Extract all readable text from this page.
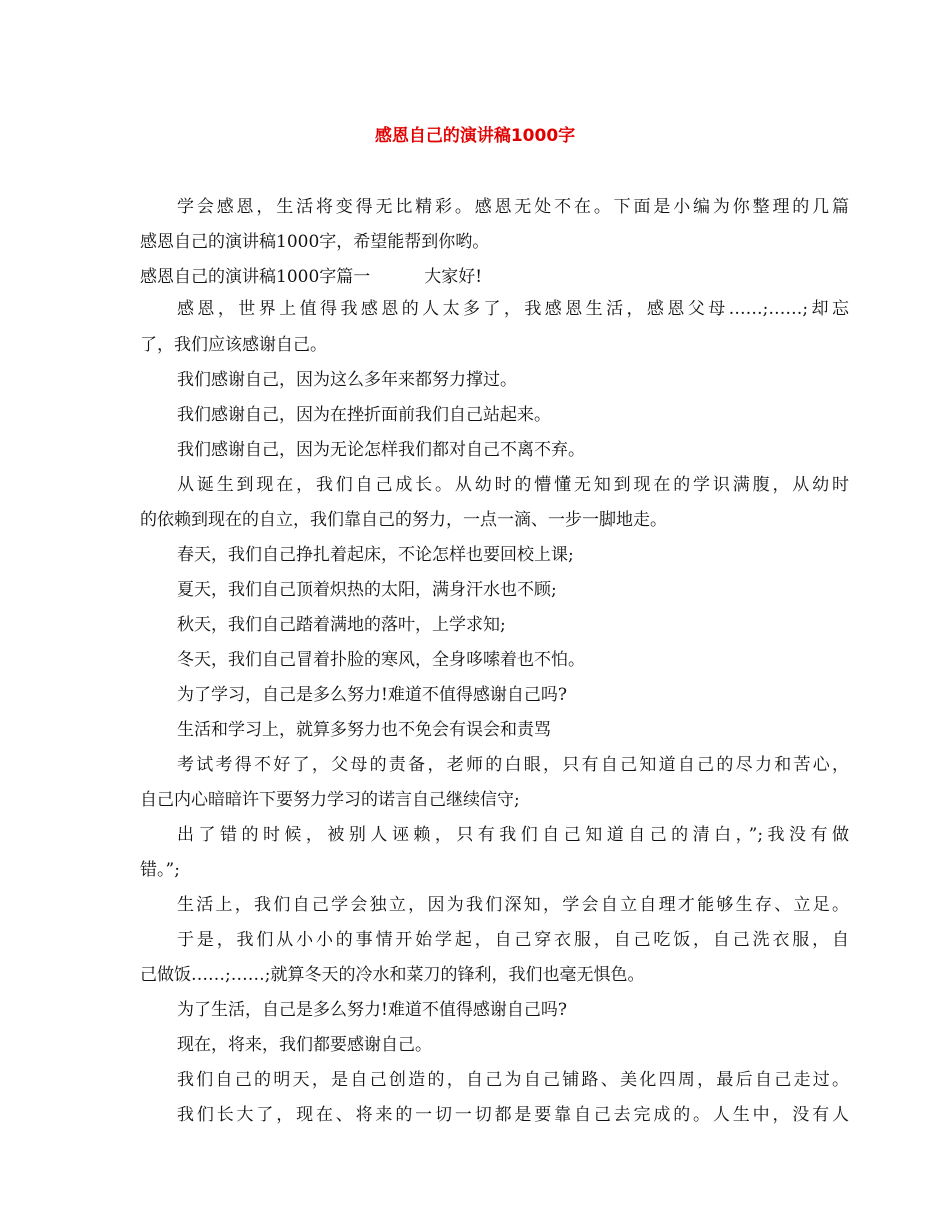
感恩自己的演讲稿1000字
学会感恩，生活将变得无比精彩。感恩无处不在。下面是小编为你整理的几篇
感恩自己的演讲稿1000字，希望能帮到你哟。
感恩自己的演讲稿1000字篇一	大家好!
感恩，世界上值得我感恩的人太多了，我感恩生活，感恩父母……;……;却忘
了，我们应该感谢自己。
我们感谢自己，因为这么多年来都努力撑过。
我们感谢自己，因为在挫折面前我们自己站起来。
我们感谢自己，因为无论怎样我们都对自己不离不弃。
从诞生到现在，我们自己成长。从幼时的懵懂无知到现在的学识满腹，从幼时
的依赖到现在的自立，我们靠自己的努力，一点一滴、一步一脚地走。
春天，我们自己挣扎着起床，不论怎样也要回校上课;
夏天，我们自己顶着炽热的太阳，满身汗水也不顾;
秋天，我们自己踏着满地的落叶，上学求知;
冬天，我们自己冒着扑脸的寒风，全身哆嗦着也不怕。
为了学习，自己是多么努力!难道不值得感谢自己吗?
生活和学习上，就算多努力也不免会有误会和责骂
考试考得不好了，父母的责备，老师的白眼，只有自己知道自己的尽力和苦心，
自己内心暗暗许下要努力学习的诺言自己继续信守;
出了错的时候，被别人诬赖，只有我们自己知道自己的清白，”;我没有做
错。”;
生活上，我们自己学会独立，因为我们深知，学会自立自理才能够生存、立足。
于是，我们从小小的事情开始学起，自己穿衣服，自己吃饭，自己洗衣服，自
己做饭……;……;就算冬天的冷水和菜刀的锋利，我们也毫无惧色。
为了生活，自己是多么努力!难道不值得感谢自己吗?
现在，将来，我们都要感谢自己。
我们自己的明天，是自己创造的，自己为自己铺路、美化四周，最后自己走过。
我们长大了，现在、将来的一切一切都是要靠自己去完成的。人生中，没有人
